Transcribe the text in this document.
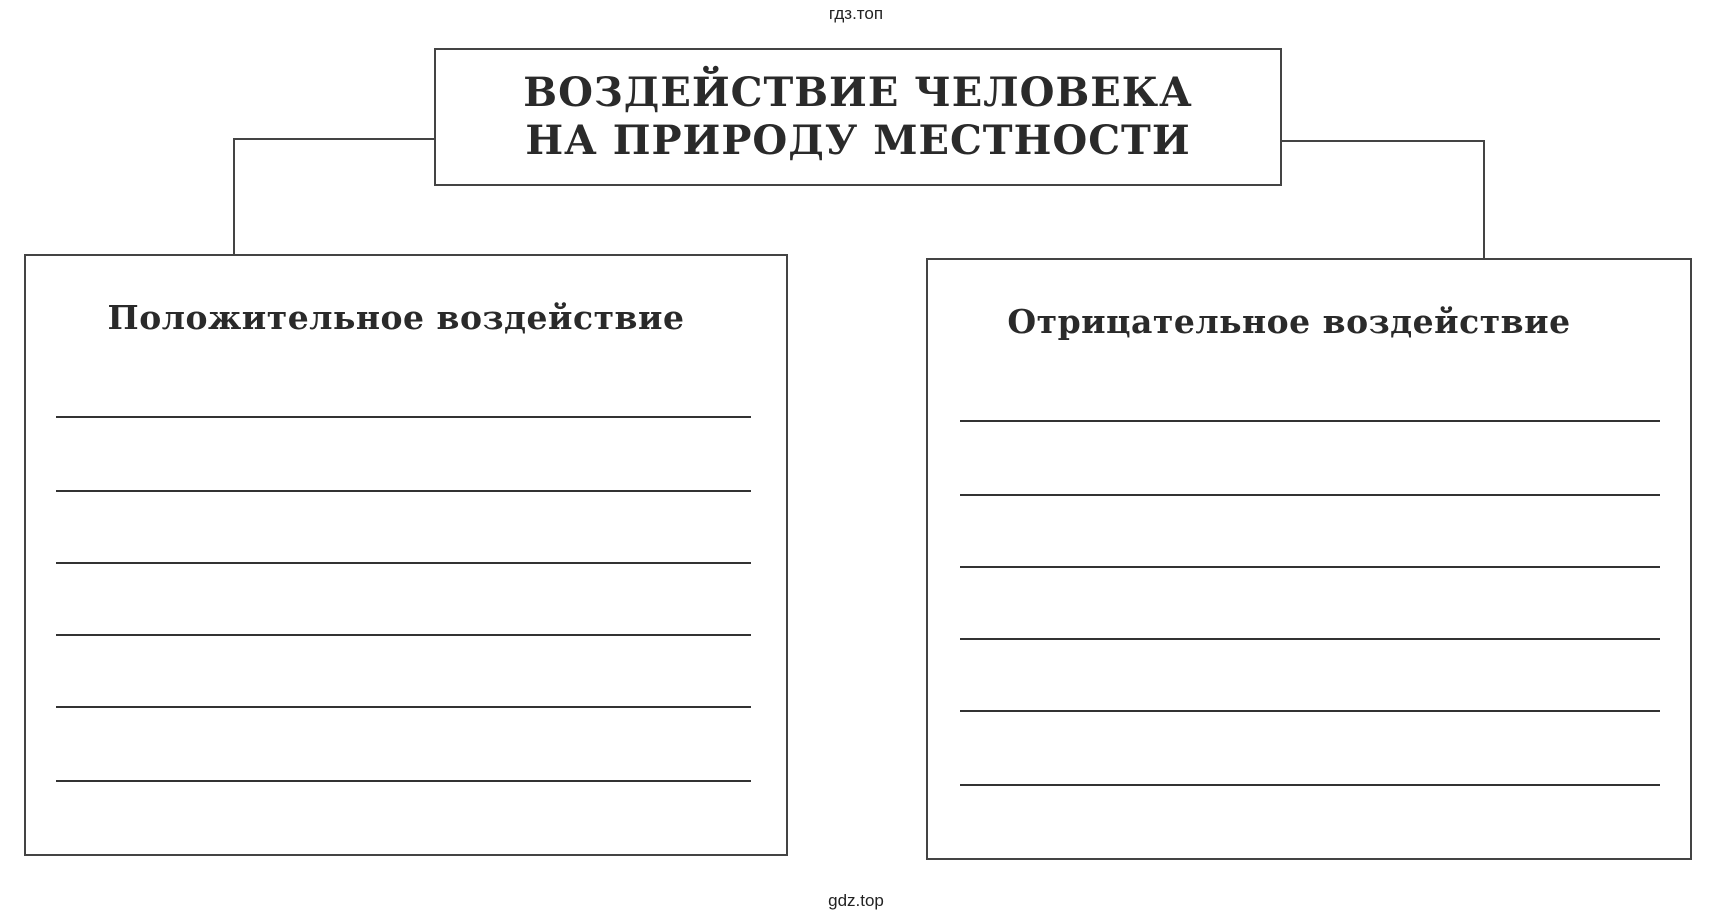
гдз.топ
ВОЗДЕЙСТВИЕ ЧЕЛОВЕКА
НА ПРИРОДУ МЕСТНОСТИ
Положительное воздействие	Отрицательное воздействие
gdz.top
